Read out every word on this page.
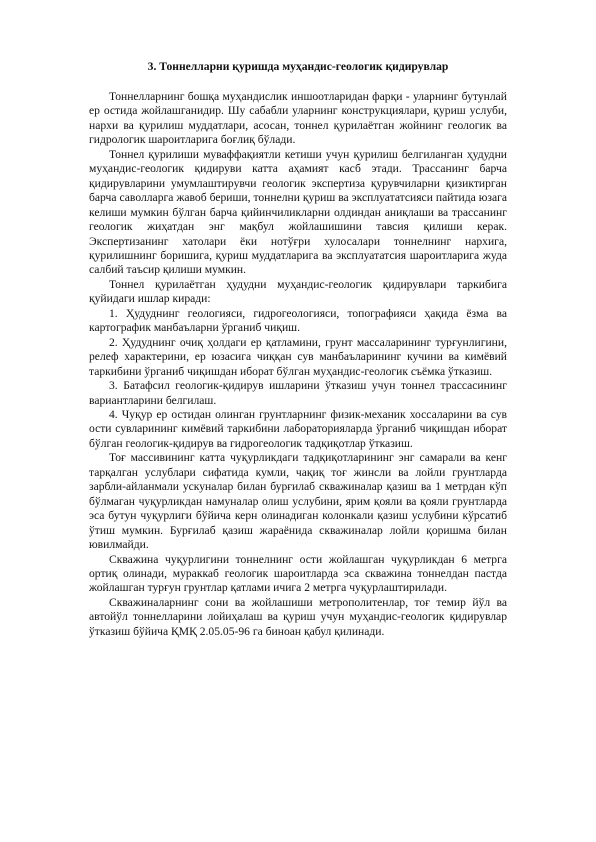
3. Тоннелларни қуришда муҳандис-геологик қидирувлар

Тоннелларнинг бошқа муҳандислик иншоотларидан фарқи - уларнинг бутунлай ер остида жойлашганидир. Шу сабабли уларнинг конструкциялари, қуриш услуби, нархи ва қурилиш муддатлари, асосан, тоннел қурилаётган жойнинг геологик ва гидрологик шароитларига боғлиқ бўлади.

Тоннел қурилиши муваффақиятли кетиши учун қурилиш белгиланган ҳудудни муҳандис-геологик қидируви катта аҳамият касб этади. Трассанинг барча қидирувларини умумлаштирувчи геологик экспертиза қурувчиларни қизиктирган барча саволларга жавоб бериши, тоннелни қуриш ва эксплуататсияси пайтида юзага келиши мумкин бўлган барча қийинчиликларни олдиндан аниқлаши ва трассанинг геологик жиҳатдан энг мақбул жойлашишини тавсия қилиши керак. Экспертизанинг хатолари ёки нотўғри хулосалари тоннелнинг нархига, қурилишнинг боришига, қуриш муддатларига ва эксплуататсия шароитларига жуда салбий таъсир қилиши мумкин.

Тоннел қурилаётган ҳудудни муҳандис-геологик қидирувлари таркибига қуйидаги ишлар киради:

1. Ҳудуднинг геологияси, гидрогеологияси, топографияси ҳақида ёзма ва картографик манбаъларни ўрганиб чиқиш.

2. Ҳудуднинг очиқ ҳолдаги ер қатламини, грунт массаларининг турғунлигини, релеф характерини, ер юзасига чиққан сув манбаъларининг кучини ва кимёвий таркибини ўрганиб чиқишдан иборат бўлган муҳандис-геологик съёмка ўтказиш.

3. Батафсил геологик-қидирув ишларини ўтказиш учун тоннел трассасининг вариантларини белгилаш.

4. Чуқур ер остидан олинган грунтларнинг физик-механик хоссаларини ва сув ости сувларининг кимёвий таркибини лабораторияларда ўрганиб чиқишдан иборат бўлган геологик-қидирув ва гидрогеологик тадқиқотлар ўтказиш.

Тоғ массивининг катта чуқурликдаги тадқиқотларининг энг самарали ва кенг тарқалган услублари сифатида кумли, чақиқ тоғ жинсли ва лойли грунтларда зарбли-айланмали ускуналар билан бурғилаб скважиналар қазиш ва 1 метрдан кўп бўлмаган чуқурликдан намуналар олиш услубини, ярим қояли ва қояли грунтларда эса бутун чуқурлиги бўйича керн олинадиган колонкали қазиш услубини кўрсатиб ўтиш мумкин. Бурғилаб қазиш жараёнида скважиналар лойли қоришма билан ювилмайди.

Скважина чуқурлигини тоннелнинг ости жойлашган чуқурликдан 6 метрга ортиқ олинади, мураккаб геологик шароитларда эса скважина тоннелдан пастда жойлашган турғун грунтлар қатлами ичига 2 метрга чуқурлаштирилади.

Скважиналарнинг сони ва жойлашиши метрополитенлар, тоғ темир йўл ва автойўл тоннелларини лойиҳалаш ва қуриш учун муҳандис-геологик қидирувлар ўтказиш бўйича ҚМҚ 2.05.05-96 га биноан қабул қилинади.
